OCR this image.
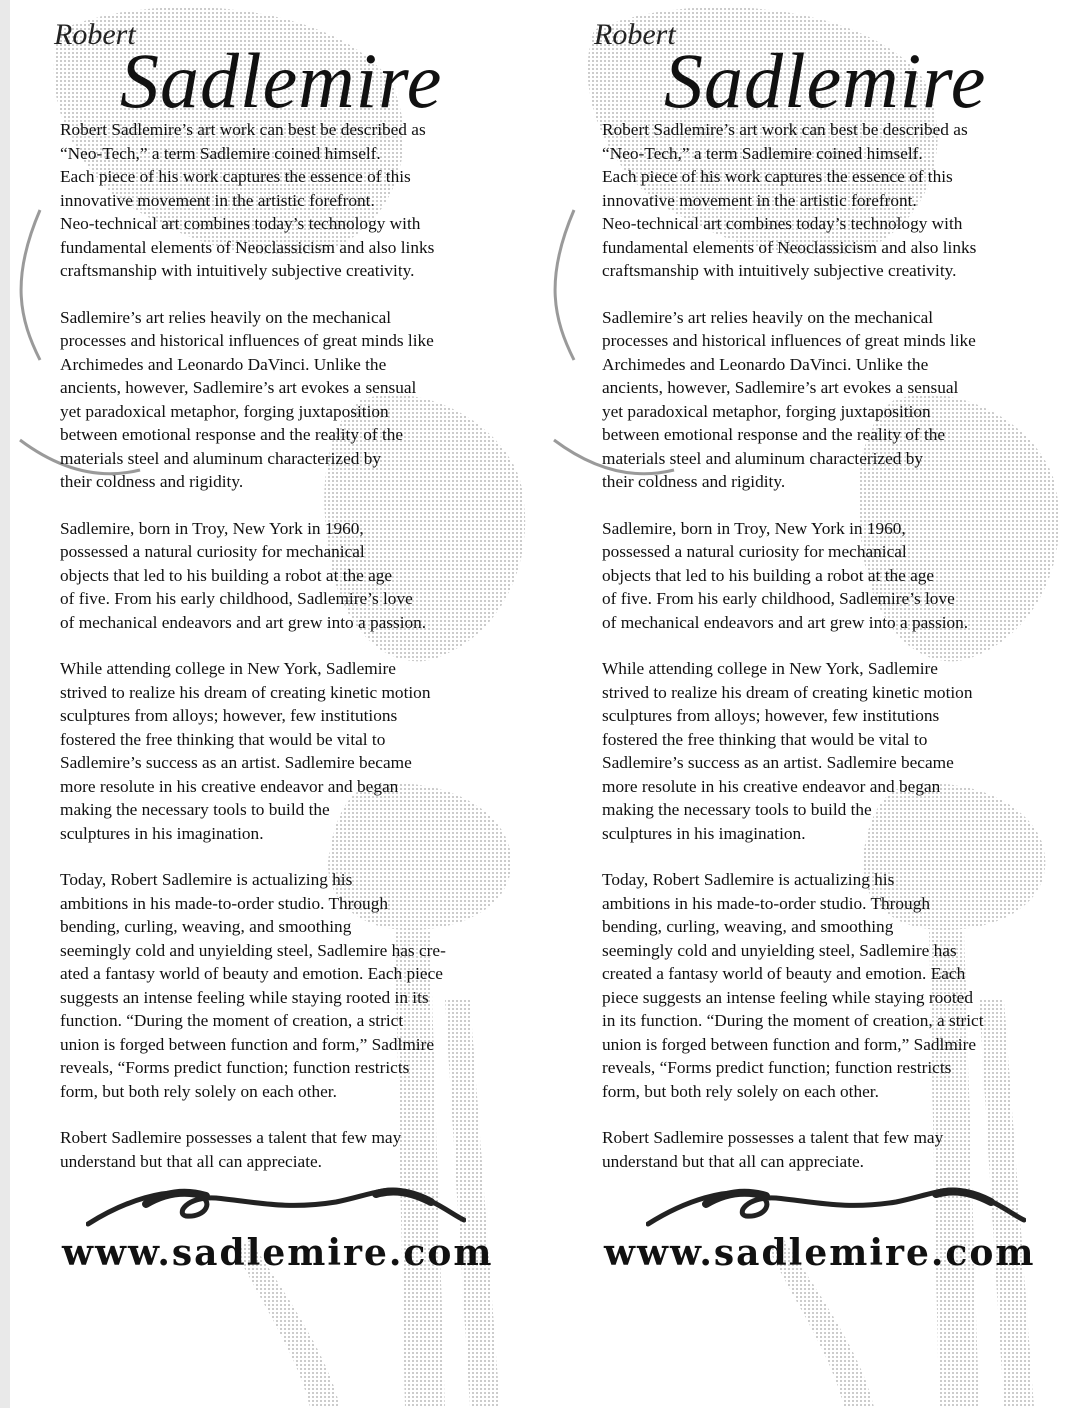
Robert
Sadlemire

Robert Sadlemire’s art work can best be described as
“Neo-Tech,” a term Sadlemire coined himself.
Each piece of his work captures the essence of this
innovative movement in the artistic forefront.
Neo-technical art combines today’s technology with
fundamental elements of Neoclassicism and also links
craftsmanship with intuitively subjective creativity.

Sadlemire’s art relies heavily on the mechanical
processes and historical influences of great minds like
Archimedes and Leonardo DaVinci. Unlike the
ancients, however, Sadlemire’s art evokes a sensual
yet paradoxical metaphor, forging juxtaposition
between emotional response and the reality of the
materials steel and aluminum characterized by
their coldness and rigidity.

Sadlemire, born in Troy, New York in 1960,
possessed a natural curiosity for mechanical
objects that led to his building a robot at the age
of five. From his early childhood, Sadlemire’s love
of mechanical endeavors and art grew into a passion.

While attending college in New York, Sadlemire
strived to realize his dream of creating kinetic motion
sculptures from alloys; however, few institutions
fostered the free thinking that would be vital to
Sadlemire’s success as an artist. Sadlemire became
more resolute in his creative endeavor and began
making the necessary tools to build the
sculptures in his imagination.

Today, Robert Sadlemire is actualizing his
ambitions in his made-to-order studio. Through
bending, curling, weaving, and smoothing
seemingly cold and unyielding steel, Sadlemire has cre-
ated a fantasy world of beauty and emotion. Each piece
suggests an intense feeling while staying rooted in its
function. “During the moment of creation, a strict
union is forged between function and form,” Sadlmire
reveals, “Forms predict function; function restricts
form, but both rely solely on each other.

Robert Sadlemire possesses a talent that few may
understand but that all can appreciate.

www.sadlemire.com
Robert
Sadlemire

Robert Sadlemire’s art work can best be described as
“Neo-Tech,” a term Sadlemire coined himself.
Each piece of his work captures the essence of this
innovative movement in the artistic forefront.
Neo-technical art combines today’s technology with
fundamental elements of Neoclassicism and also links
craftsmanship with intuitively subjective creativity.

Sadlemire’s art relies heavily on the mechanical
processes and historical influences of great minds like
Archimedes and Leonardo DaVinci. Unlike the
ancients, however, Sadlemire’s art evokes a sensual
yet paradoxical metaphor, forging juxtaposition
between emotional response and the reality of the
materials steel and aluminum characterized by
their coldness and rigidity.

Sadlemire, born in Troy, New York in 1960,
possessed a natural curiosity for mechanical
objects that led to his building a robot at the age
of five. From his early childhood, Sadlemire’s love
of mechanical endeavors and art grew into a passion.

While attending college in New York, Sadlemire
strived to realize his dream of creating kinetic motion
sculptures from alloys; however, few institutions
fostered the free thinking that would be vital to
Sadlemire’s success as an artist. Sadlemire became
more resolute in his creative endeavor and began
making the necessary tools to build the
sculptures in his imagination.

Today, Robert Sadlemire is actualizing his
ambitions in his made-to-order studio. Through
bending, curling, weaving, and smoothing
seemingly cold and unyielding steel, Sadlemire has
created a fantasy world of beauty and emotion. Each
piece suggests an intense feeling while staying rooted
in its function. “During the moment of creation, a strict
union is forged between function and form,” Sadlmire
reveals, “Forms predict function; function restricts
form, but both rely solely on each other.

Robert Sadlemire possesses a talent that few may
understand but that all can appreciate.

www.sadlemire.com
